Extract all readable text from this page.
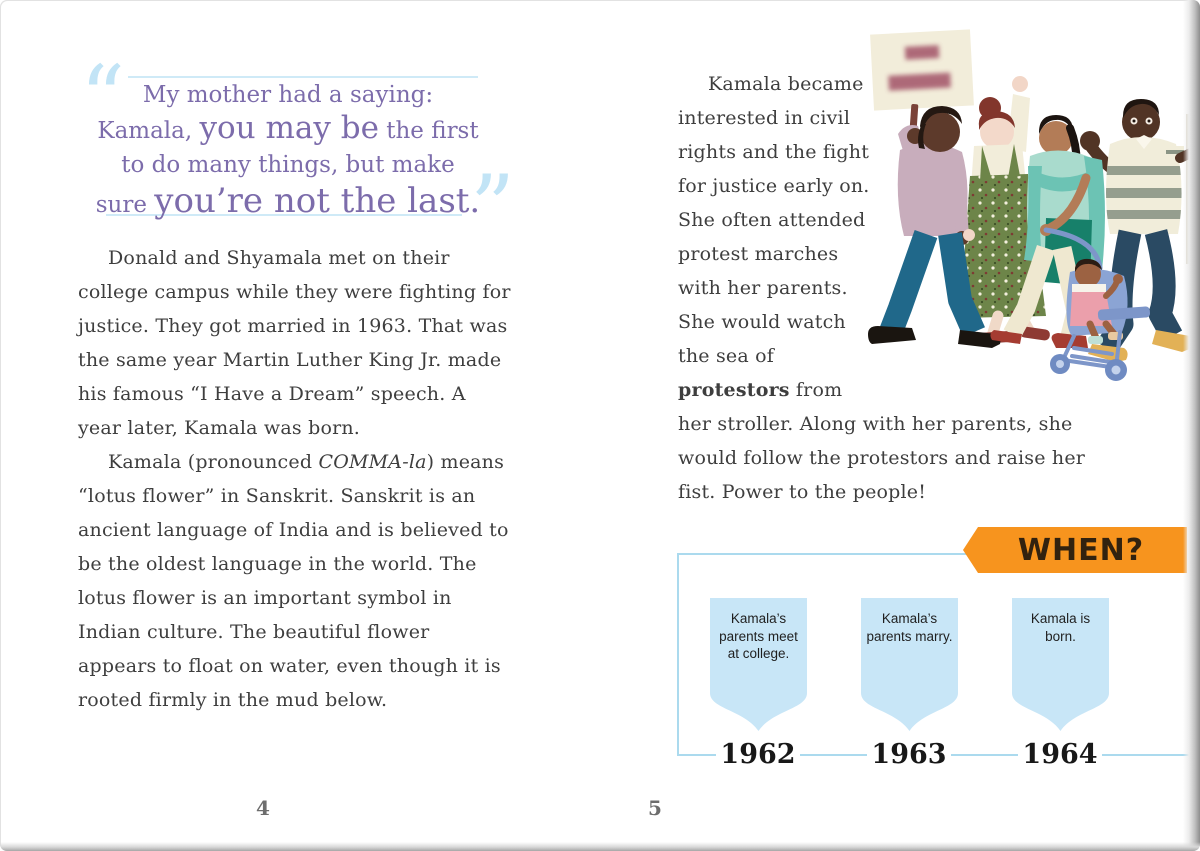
“
”
My mother had a saying:
Kamala, you may be the first
to do many things, but make
sure you’re not the last.

Donald and Shyamala met on their college campus while they were fighting for justice. They got married in 1963. That was the same year Martin Luther King Jr. made his famous “I Have a Dream” speech. A year later, Kamala was born.

Kamala (pronounced COMMA-la) means “lotus flower” in Sanskrit. Sanskrit is an ancient language of India and is believed to be the oldest language in the world. The lotus flower is an important symbol in Indian culture. The beautiful flower appears to float on water, even though it is rooted firmly in the mud below.

4

Kamala became interested in civil rights and the fight for justice early on. She often attended protest marches with her parents. She would watch the sea of protestors from her stroller. Along with her parents, she would follow the protestors and raise her fist. Power to the people!

WHEN?
Kamala’s parents meet at college.
Kamala’s parents marry.
Kamala is born.
1962	1963	1964
5
